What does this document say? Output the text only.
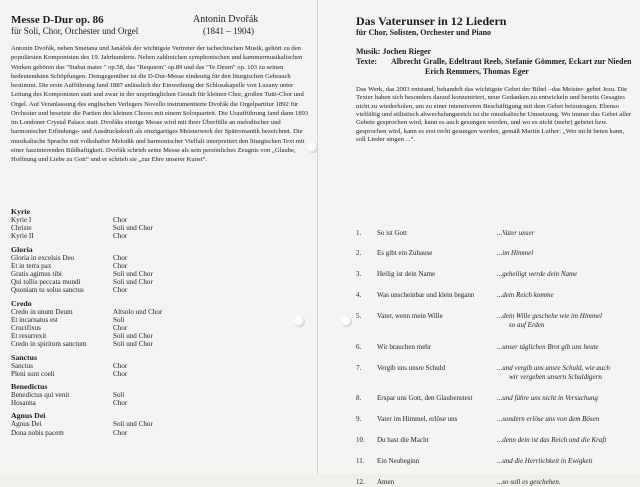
Messe D-Dur op. 86	Antonin Dvořák
für Soli, Chor, Orchester und Orgel	(1841 – 1904)
Antonin Dvořák, neben Smetana und Janáček der wichtigste Vertreter der tschechischen Musik, gehört zu den populärsten Komponisten des 19. Jahrhunderts. Neben zahlreichen symphonischen und kammermusikalischen Werken gehören das "Stabat mater " op.58, das "Requiem" op.89 und das "Te Deum" op. 103 zu seinen bedeutendsten Schöpfungen. Demgegenüber ist die D-Dur-Messe eindeutig für den liturgischen Gebrauch bestimmt. Die erste Aufführung fand 1887 anlässlich der Einweihung der Schlosskapelle von Luzany unter Leitung des Komponisten statt und zwar in der ursprünglichen Gestalt für kleinen Chor, großen Tutti-Chor und Orgel. Auf Veranlassung des englischen Verlegers Novello instrumentierte Dvořák die Orgelpartitur 1892 für Orchester und besetzte die Partien des kleinen Chores mit einem Soloquartett. Die Uraufführung fand dann 1893 im Londoner Crystal Palace statt. Dvořáks einzige Messe wird mit ihrer Überfülle an melodischer und harmonischer Erfindungs- und Ausdruckskraft als einzigartiges Meisterwerk der Spätromantik bezeichnet. Die musikalische Sprache mit volkshafter Melodik und harmonischer Vielfalt interpretiert den liturgischen Text mit einer faszinierenden Bildhaftigkeit. Dvořák schrieb seine Messe als sein persönliches Zeugnis von „Glaube, Hoffnung und Liebe zu Gott“ und er schrieb sie „zur Ehre unserer Kunst“.
Kyrie
Kyrie I	Chor
Christe	Soli und Chor
Kyrie II	Chor
Gloria
Gloria in excelsis Deo	Chor
Et in terra pax	Chor
Gratis agimus tibi	Soli und Chor
Qui tollis peccata mundi	Soli und Chor
Quoniam tu solus sanctus	Chor
Credo
Credo in unum Deum	Altsolo und Chor
Et incarnatus est	Soli
Crucifixus	Chor
Et resurrexit	Soli und Chor
Credo in spiritum sanctum	Soli und Chor
Sanctus
Sanctus	Chor
Pleni sunt coeli	Chor
Benedictus
Benedictus qui venit	Soli
Hosanna	Chor
Agnus Dei
Agnus Dei	Soli und Chor
Dona nobis pacem	Chor
Das Vaterunser in 12 Liedern
für Chor, Solisten, Orchester und Piano
Musik: Jochen Rieger
Texte: Albrecht Gralle, Edeltraut Reeb, Stefanie Gömmer, Eckart zur Nieden
Erich Remmers, Thomas Eger
Das Werk, das 2003 entstand, behandelt das wichtigste Gebet der Bibel –das Meister- gebet Jesu. Die Texter haben sich besonders darauf konzentriert, neue Gedanken zu entwickeln und bereits Gesagtes nicht zu wiederholen, um zu einer intensiveren Beschäftigung mit dem Gebet beizutragen. Ebenso vielfältig und stilistisch abwechslungsreich ist die musikalische Umsetzung. Wo immer das Gebet aller Gebete gesprochen wird, kann es auch gesungen werden, und wo es nicht (mehr) gebetet bzw. gesprochen wird, kann es erst recht gesungen werden, gemäß Martin Luther: „Wer nicht beten kann, soll Lieder singen ...“.
1.	So ist Gott	...Vater unser
2.	Es gibt ein Zuhause	...im Himmel
3.	Heilig ist dein Name	...geheiligt werde dein Name
4.	Was unscheinbar und klein begann	...dein Reich komme
5.	Vater, wenn mein Wille	...dein Wille geschehe wie im Himmel
so auf Erden
6.	Wir brauchen mehr	...unser täglichen Brot gib uns heute
7.	Vergib uns unsre Schuld	...und vergib uns unsre Schuld, wie auch
wir vergeben unsern Schuldigern
8.	Erspar uns Gott, den Glaubenstest	...und führe uns nicht in Versuchung
9.	Vater im Himmel, erlöse uns	...sondern erlöse uns von dem Bösen
10.	Du hast die Macht	...denn dein ist das Reich und die Kraft
11.	Ein Neubeginn	...und die Herrlichkeit in Ewigkeit
12.	Amen	...so soll es geschehen.
